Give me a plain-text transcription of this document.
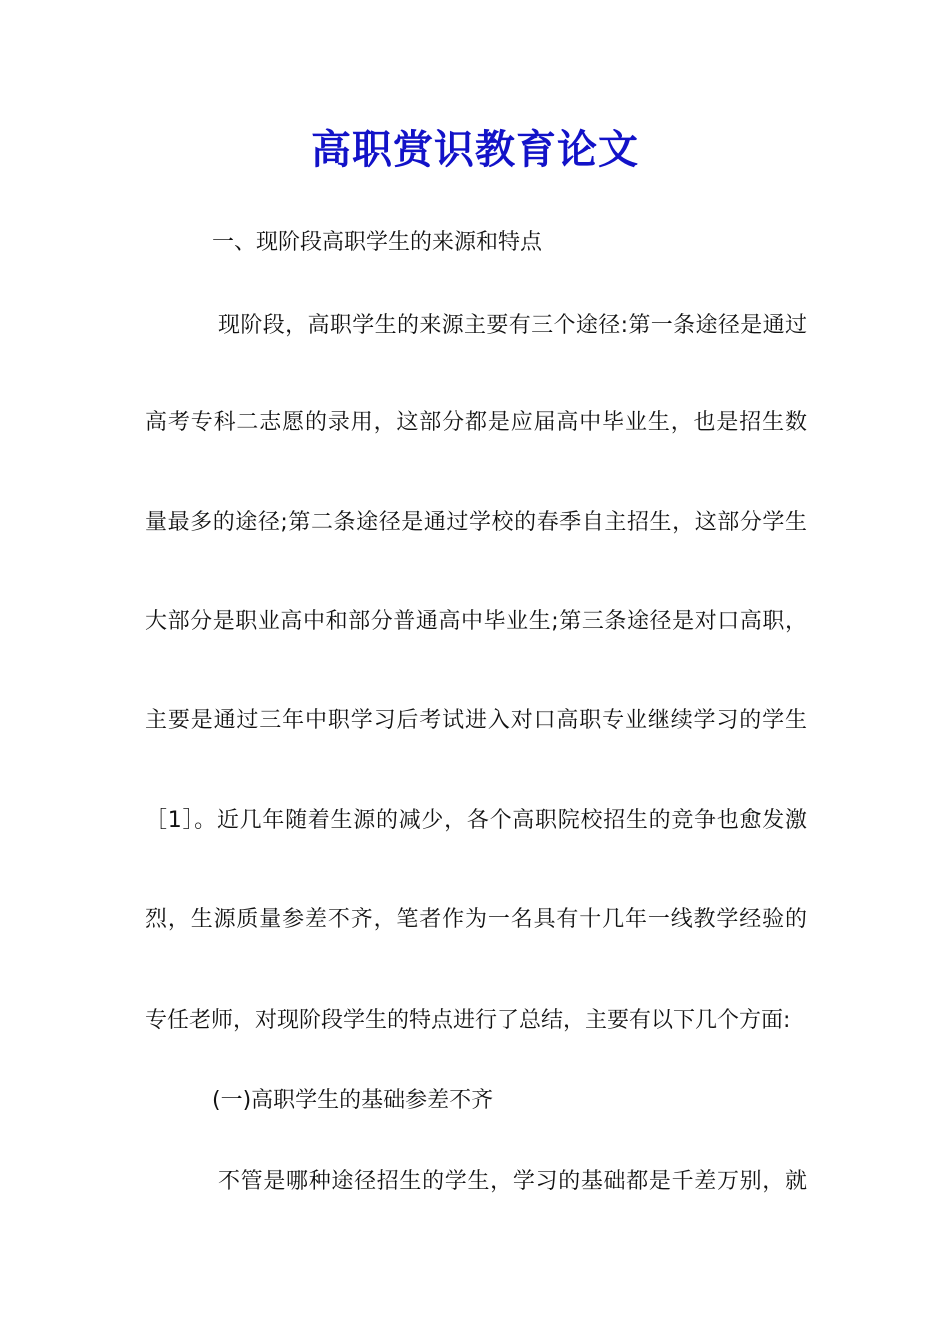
高职赏识教育论文
一、现阶段高职学生的来源和特点
现阶段，高职学生的来源主要有三个途径:第一条途径是通过
高考专科二志愿的录用，这部分都是应届高中毕业生，也是招生数
量最多的途径;第二条途径是通过学校的春季自主招生，这部分学生
大部分是职业高中和部分普通高中毕业生;第三条途径是对口高职，
主要是通过三年中职学习后考试进入对口高职专业继续学习的学生
［1］。近几年随着生源的减少，各个高职院校招生的竞争也愈发激
烈，生源质量参差不齐，笔者作为一名具有十几年一线教学经验的
专任老师，对现阶段学生的特点进行了总结，主要有以下几个方面:
(一)高职学生的基础参差不齐
不管是哪种途径招生的学生，学习的基础都是千差万别，就
